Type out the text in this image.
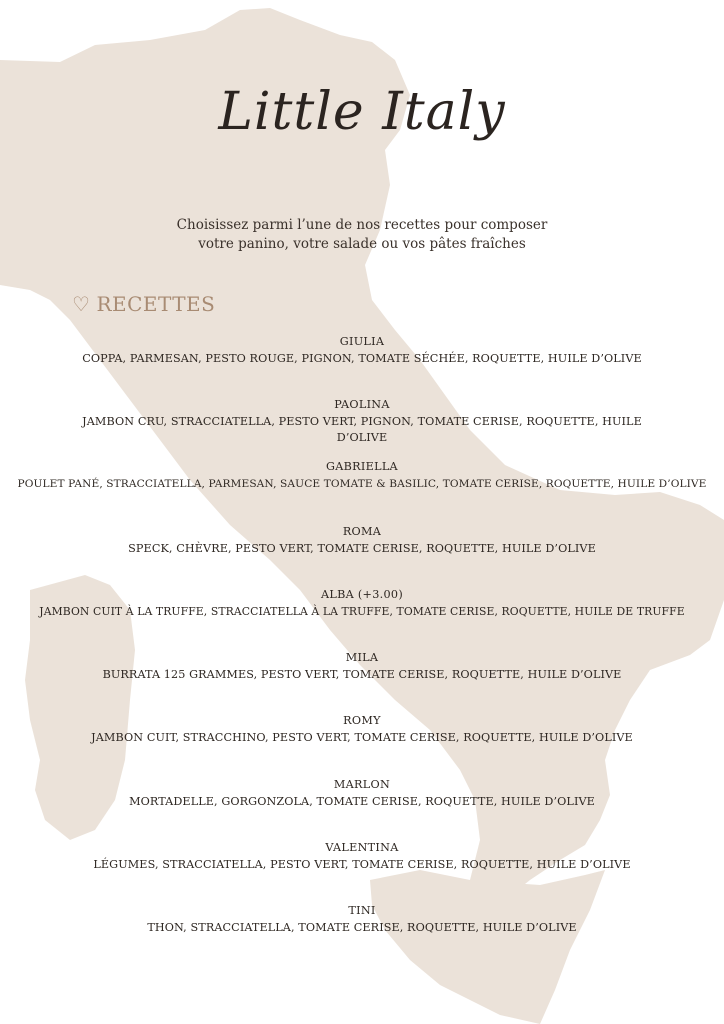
Little Italy
Choisissez parmi l’une de nos recettes pour composer
votre panino, votre salade ou vos pâtes fraîches
♡ RECETTES
GIULIA
COPPA, PARMESAN, PESTO ROUGE, PIGNON, TOMATE SÉCHÉE, ROQUETTE, HUILE D’OLIVE
PAOLINA
JAMBON CRU, STRACCIATELLA, PESTO VERT, PIGNON, TOMATE CERISE, ROQUETTE, HUILE D’OLIVE
GABRIELLA
POULET PANÉ, STRACCIATELLA, PARMESAN, SAUCE TOMATE & BASILIC, TOMATE CERISE, ROQUETTE, HUILE D’OLIVE
ROMA
SPECK, CHÈVRE, PESTO VERT, TOMATE CERISE, ROQUETTE, HUILE D’OLIVE
ALBA (+3.00)
JAMBON CUIT À LA TRUFFE, STRACCIATELLA À LA TRUFFE, TOMATE CERISE, ROQUETTE, HUILE DE TRUFFE
MILA
BURRATA 125 GRAMMES, PESTO VERT, TOMATE CERISE, ROQUETTE, HUILE D’OLIVE
ROMY
JAMBON CUIT, STRACCHINO, PESTO VERT, TOMATE CERISE, ROQUETTE, HUILE D’OLIVE
MARLON
MORTADELLE, GORGONZOLA, TOMATE CERISE, ROQUETTE, HUILE D’OLIVE
VALENTINA
LÉGUMES, STRACCIATELLA, PESTO VERT, TOMATE CERISE, ROQUETTE, HUILE D’OLIVE
TINI
THON, STRACCIATELLA, TOMATE CERISE, ROQUETTE, HUILE D’OLIVE
